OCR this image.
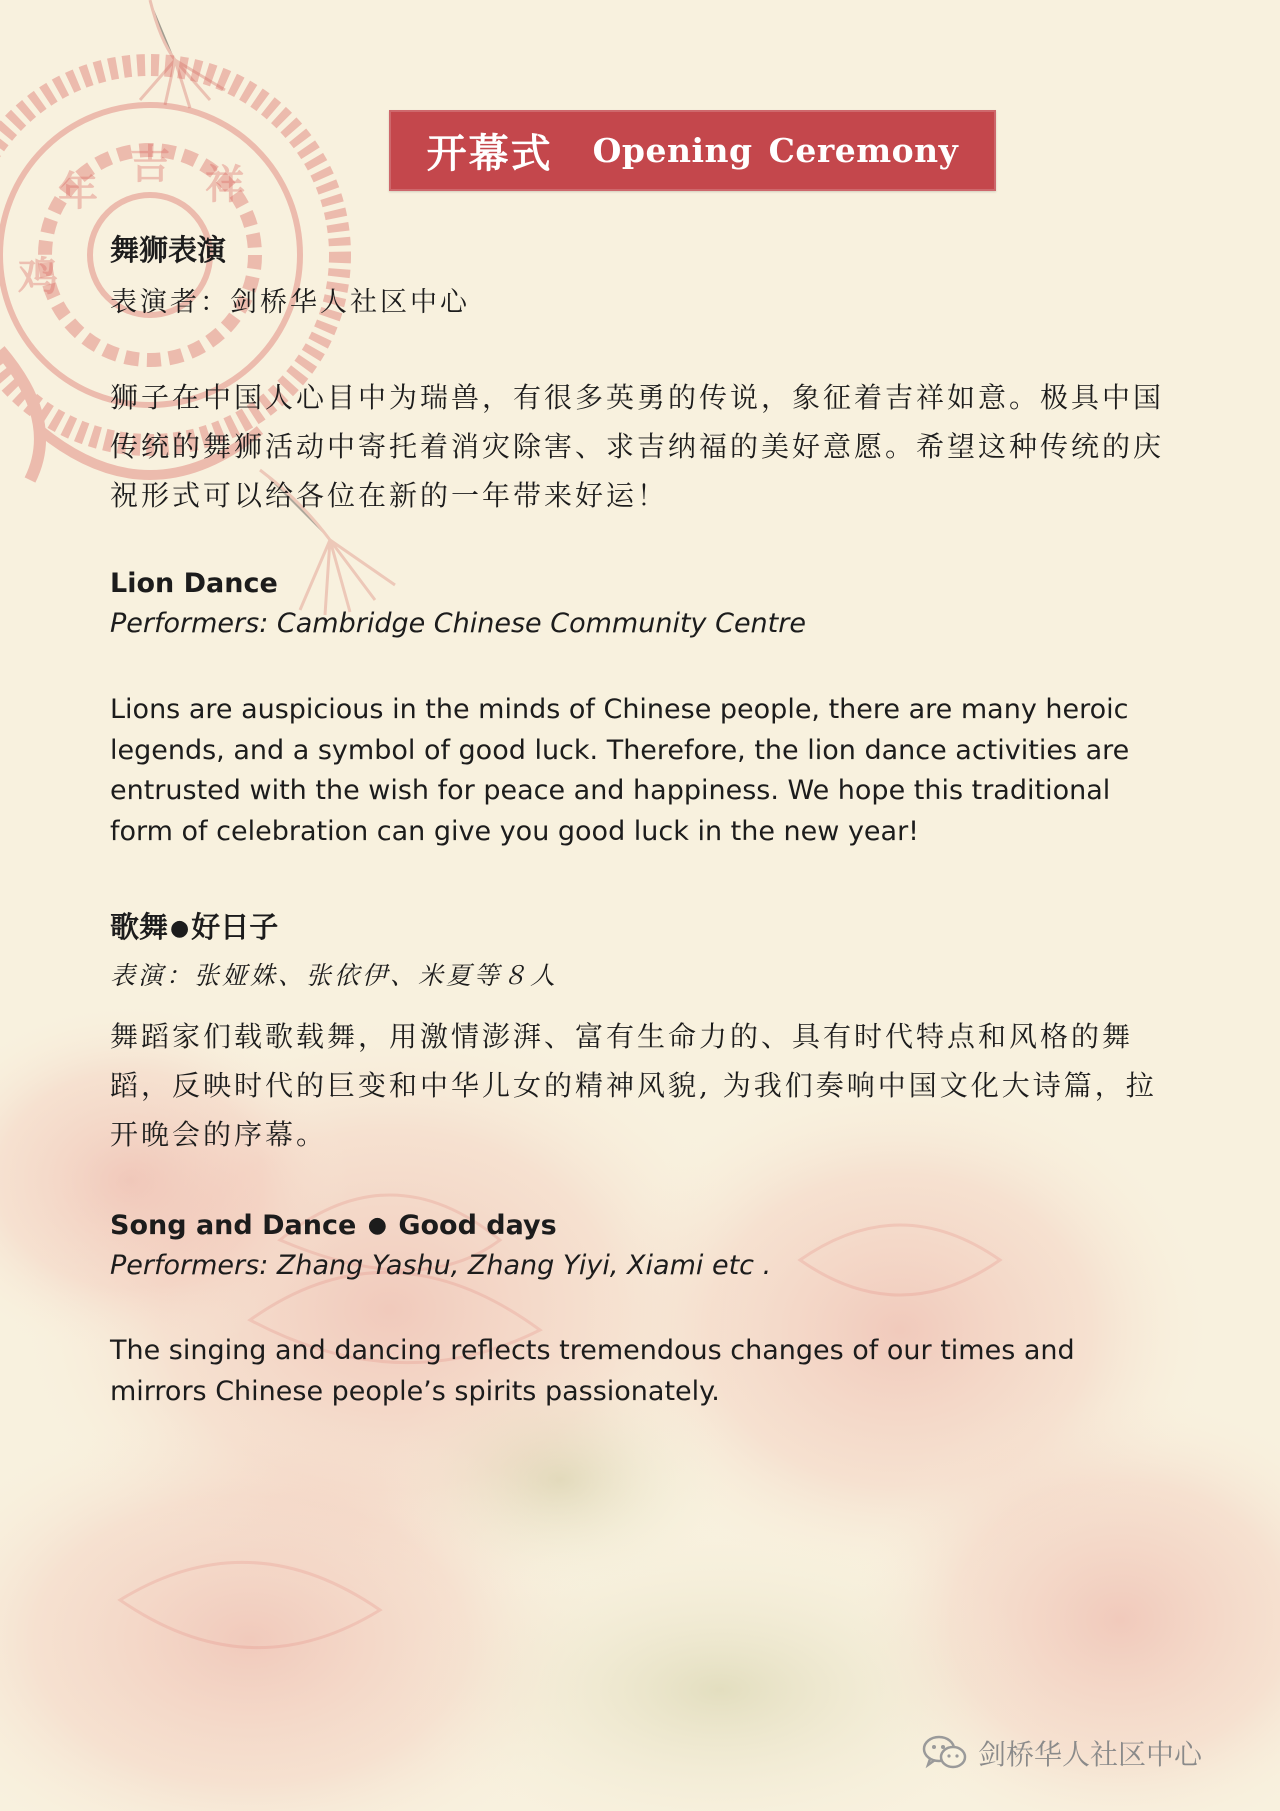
年
吉 祥
鸡
开幕式 Opening Ceremony
舞狮表演
表演者：剑桥华人社区中心

狮子在中国人心目中为瑞兽，有很多英勇的传说，象征着吉祥如意。极具中国传统的舞狮活动中寄托着消灾除害、求吉纳福的美好意愿。希望这种传统的庆祝形式可以给各位在新的一年带来好运！

Lion Dance
Performers: Cambridge Chinese Community Centre
Lions are auspicious in the minds of Chinese people, there are many heroic
legends, and a symbol of good luck. Therefore, the lion dance activities are
entrusted with the wish for peace and happiness. We hope this traditional
form of celebration can give you good luck in the new year!
歌舞●好日子
表演：张娅姝、张依伊、米夏等８人

舞蹈家们载歌载舞，用激情澎湃、富有生命力的、具有时代特点和风格的舞蹈，反映时代的巨变和中华儿女的精神风貌, 为我们奏响中国文化大诗篇，拉开晚会的序幕。

Song and Dance ● Good days
Performers: Zhang Yashu, Zhang Yiyi, Xiami etc .
The singing and dancing reflects tremendous changes of our times and
mirrors Chinese people’s spirits passionately.
剑桥华人社区中心
